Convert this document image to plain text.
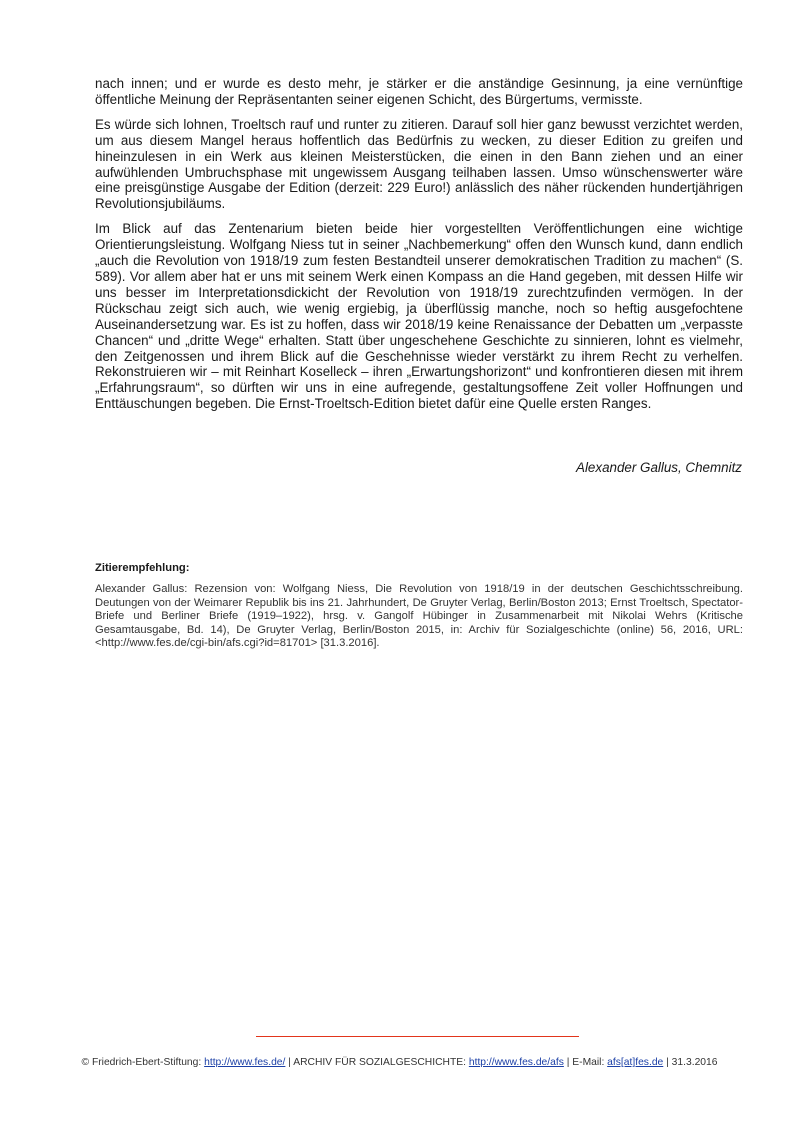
nach innen; und er wurde es desto mehr, je stärker er die anständige Gesinnung, ja eine vernünftige öffentliche Meinung der Repräsentanten seiner eigenen Schicht, des Bürgertums, vermisste.

Es würde sich lohnen, Troeltsch rauf und runter zu zitieren. Darauf soll hier ganz bewusst verzichtet werden, um aus diesem Mangel heraus hoffentlich das Bedürfnis zu wecken, zu dieser Edition zu greifen und hineinzulesen in ein Werk aus kleinen Meisterstücken, die einen in den Bann ziehen und an einer aufwühlenden Umbruchsphase mit ungewissem Ausgang teilhaben lassen. Umso wünschenswerter wäre eine preisgünstige Ausgabe der Edition (derzeit: 229 Euro!) anlässlich des näher rückenden hundertjährigen Revolutionsjubiläums.

Im Blick auf das Zentenarium bieten beide hier vorgestellten Veröffentlichungen eine wichtige Orientierungsleistung. Wolfgang Niess tut in seiner „Nachbemerkung“ offen den Wunsch kund, dann endlich „auch die Revolution von 1918/19 zum festen Bestandteil unserer demokratischen Tradition zu machen“ (S. 589). Vor allem aber hat er uns mit seinem Werk einen Kompass an die Hand gegeben, mit dessen Hilfe wir uns besser im Interpretationsdickicht der Revolution von 1918/19 zurechtzufinden vermögen. In der Rückschau zeigt sich auch, wie wenig ergiebig, ja überflüssig manche, noch so heftig ausgefochtene Auseinandersetzung war. Es ist zu hoffen, dass wir 2018/19 keine Renaissance der Debatten um „verpasste Chancen“ und „dritte Wege“ erhalten. Statt über ungeschehene Geschichte zu sinnieren, lohnt es vielmehr, den Zeitgenossen und ihrem Blick auf die Geschehnisse wieder verstärkt zu ihrem Recht zu verhelfen. Rekonstruieren wir – mit Reinhart Koselleck – ihren „Erwartungshorizont“ und konfrontieren diesen mit ihrem „Erfahrungsraum“, so dürften wir uns in eine aufregende, gestaltungsoffene Zeit voller Hoffnungen und Enttäuschungen begeben. Die Ernst-Troeltsch-Edition bietet dafür eine Quelle ersten Ranges.

Alexander Gallus, Chemnitz

Zitierempfehlung:

Alexander Gallus: Rezension von: Wolfgang Niess, Die Revolution von 1918/19 in der deutschen Geschichtsschreibung. Deutungen von der Weimarer Republik bis ins 21. Jahrhundert, De Gruyter Verlag, Berlin/Boston 2013; Ernst Troeltsch, Spectator-Briefe und Berliner Briefe (1919–1922), hrsg. v. Gangolf Hübinger in Zusammenarbeit mit Nikolai Wehrs (Kritische Gesamtausgabe, Bd. 14), De Gruyter Verlag, Berlin/Boston 2015, in: Archiv für Sozialgeschichte (online) 56, 2016, URL: <http://www.fes.de/cgi-bin/afs.cgi?id=81701> [31.3.2016].

© Friedrich-Ebert-Stiftung: http://www.fes.de/ | ARCHIV FÜR SOZIALGESCHICHTE: http://www.fes.de/afs | E-Mail: afs[at]fes.de | 31.3.2016
